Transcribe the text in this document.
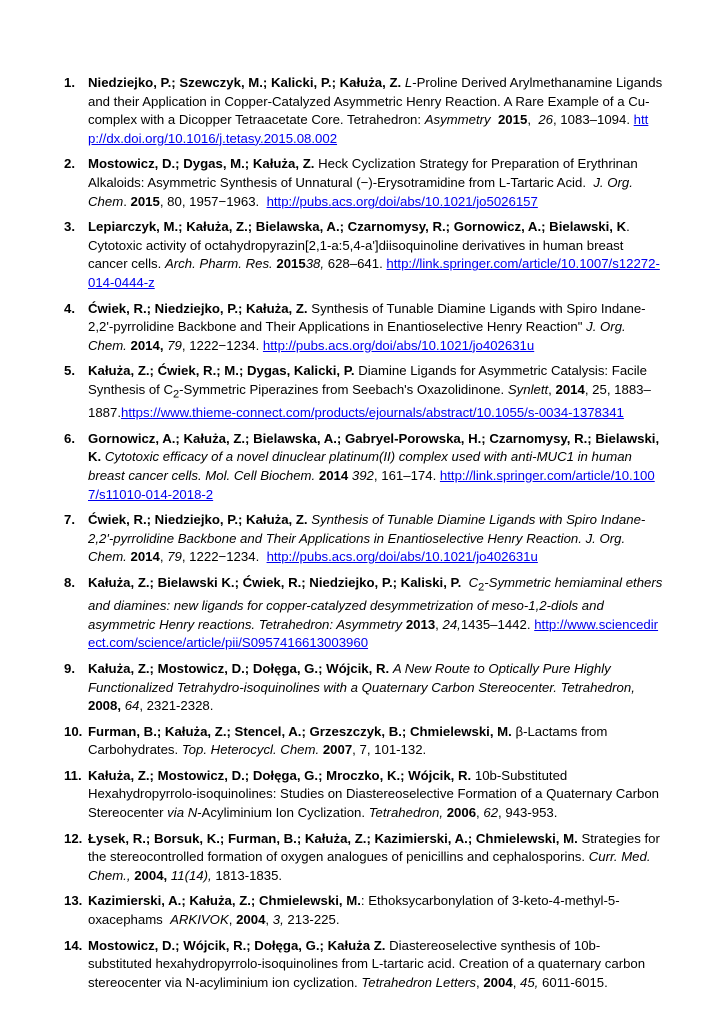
1. Niedziejko, P.; Szewczyk, M.; Kalicki, P.; Kałuża, Z. L-Proline Derived Arylmethanamine Ligands and their Application in Copper-Catalyzed Asymmetric Henry Reaction. A Rare Example of a Cu-complex with a Dicopper Tetraacetate Core. Tetrahedron: Asymmetry 2015,  26, 1083–1094. http://dx.doi.org/10.1016/j.tetasy.2015.08.002
2 . Mostowicz, D.; Dygas, M.; Kałuża, Z. Heck Cyclization Strategy for Preparation of Erythrinan Alkaloids: Asymmetric Synthesis of Unnatural (−)-Erysotramidine from L-Tartaric Acid. J. Org. Chem. 2015, 80, 1957−1963. http://pubs.acs.org/doi/abs/10.1021/jo5026157
3 . Lepiarczyk, M.; Kałuża, Z.; Bielawska, A.; Czarnomysy, R.; Gornowicz, A.; Bielawski, K. Cytotoxic activity of octahydropyrazin[2,1-a:5,4-a']diisoquinoline derivatives in human breast cancer cells. Arch. Pharm. Res. 201538, 628–641. http://link.springer.com/article/10.1007/s12272-014-0444-z
4 . Ćwiek, R.; Niedziejko, P.; Kałuża, Z. Synthesis of Tunable Diamine Ligands with Spiro Indane-2,2'-pyrrolidine Backbone and Their Applications in Enantioselective Henry Reaction" J. Org. Chem. 2014, 79, 1222−1234. http://pubs.acs.org/doi/abs/10.1021/jo402631u
5 . Kałuża, Z.; Ćwiek, R.; M.; Dygas, Kalicki, P. Diamine Ligands for Asymmetric Catalysis: Facile Synthesis of $C_2$-Symmetric Piperazines from Seebach's Oxazolidinone. Synlett, 2014, 25, 1883–1887.https://www.thieme-connect.com/products/ejournals/abstract/10.1055/s-0034-1378341
6 . Gornowicz, A.; Kałuża, Z.; Bielawska, A.; Gabryel-Porowska, H.; Czarnomysy, R.; Bielawski, K. Cytotoxic efficacy of a novel dinuclear platinum(II) complex used with anti-MUC1 in human breast cancer cells. Mol. Cell Biochem. 2014 392, 161–174. http://link.springer.com/article/10.1007/s11010-014-2018-2
7 . Ćwiek, R.; Niedziejko, P.; Kałuża, Z. Synthesis of Tunable Diamine Ligands with Spiro Indane-2,2'-pyrrolidine Backbone and Their Applications in Enantioselective Henry Reaction. J. Org. Chem. 2014, 79, 1222−1234. http://pubs.acs.org/doi/abs/10.1021/jo402631u
8 . Kałuża, Z.; Bielawski K.; Ćwiek, R.; Niedziejko, P.; Kaliski, P. $C_2$-Symmetric hemiaminal ethers and diamines: new ligands for copper-catalyzed desymmetrization of meso-1,2-diols and asymmetric Henry reactions. Tetrahedron: Asymmetry 2013, 24,1435–1442. http://www.sciencedirect.com/science/article/pii/S0957416613003960
9 . Kałuża, Z.; Mostowicz, D.; Dołęga, G.; Wójcik, R. A New Route to Optically Pure Highly Functionalized Tetrahydro-isoquinolines with a Quaternary Carbon Stereocenter. Tetrahedron, 2008, 64, 2321-2328.
10 . Furman, B.; Kałuża, Z.; Stencel, A.; Grzeszczyk, B.; Chmielewski, M. β-Lactams from Carbohydrates. Top. Heterocycl. Chem. 2007, 7, 101-132.
11 . Kałuża, Z.; Mostowicz, D.; Dołęga, G.; Mroczko, K.; Wójcik, R. 10b-Substituted Hexahydropyrrolo-isoquinolines: Studies on Diastereoselective Formation of a Quaternary Carbon Stereocenter via N-Acyliminium Ion Cyclization. Tetrahedron, 2006, 62, 943-953.
12 . Łysek, R.; Borsuk, K.; Furman, B.; Kałuża, Z.; Kazimierski, A.; Chmielewski, M. Strategies for the stereocontrolled formation of oxygen analogues of penicillins and cephalosporins. Curr. Med. Chem., 2004, 11(14), 1813-1835.
13 . Kazimierski, A.; Kałuża, Z.; Chmielewski, M.: Ethoksycarbonylation of 3-keto-4-methyl-5-oxacephams ARKIVOK, 2004, 3, 213-225.
14 . Mostowicz, D.; Wójcik, R.; Dołęga, G.; Kałuża Z. Diastereoselective synthesis of 10b-substituted hexahydropyrrolo-isoquinolines from L-tartaric acid. Creation of a quaternary carbon stereocenter via N-acyliminium ion cyclization. Tetrahedron Letters, 2004, 45, 6011-6015.
